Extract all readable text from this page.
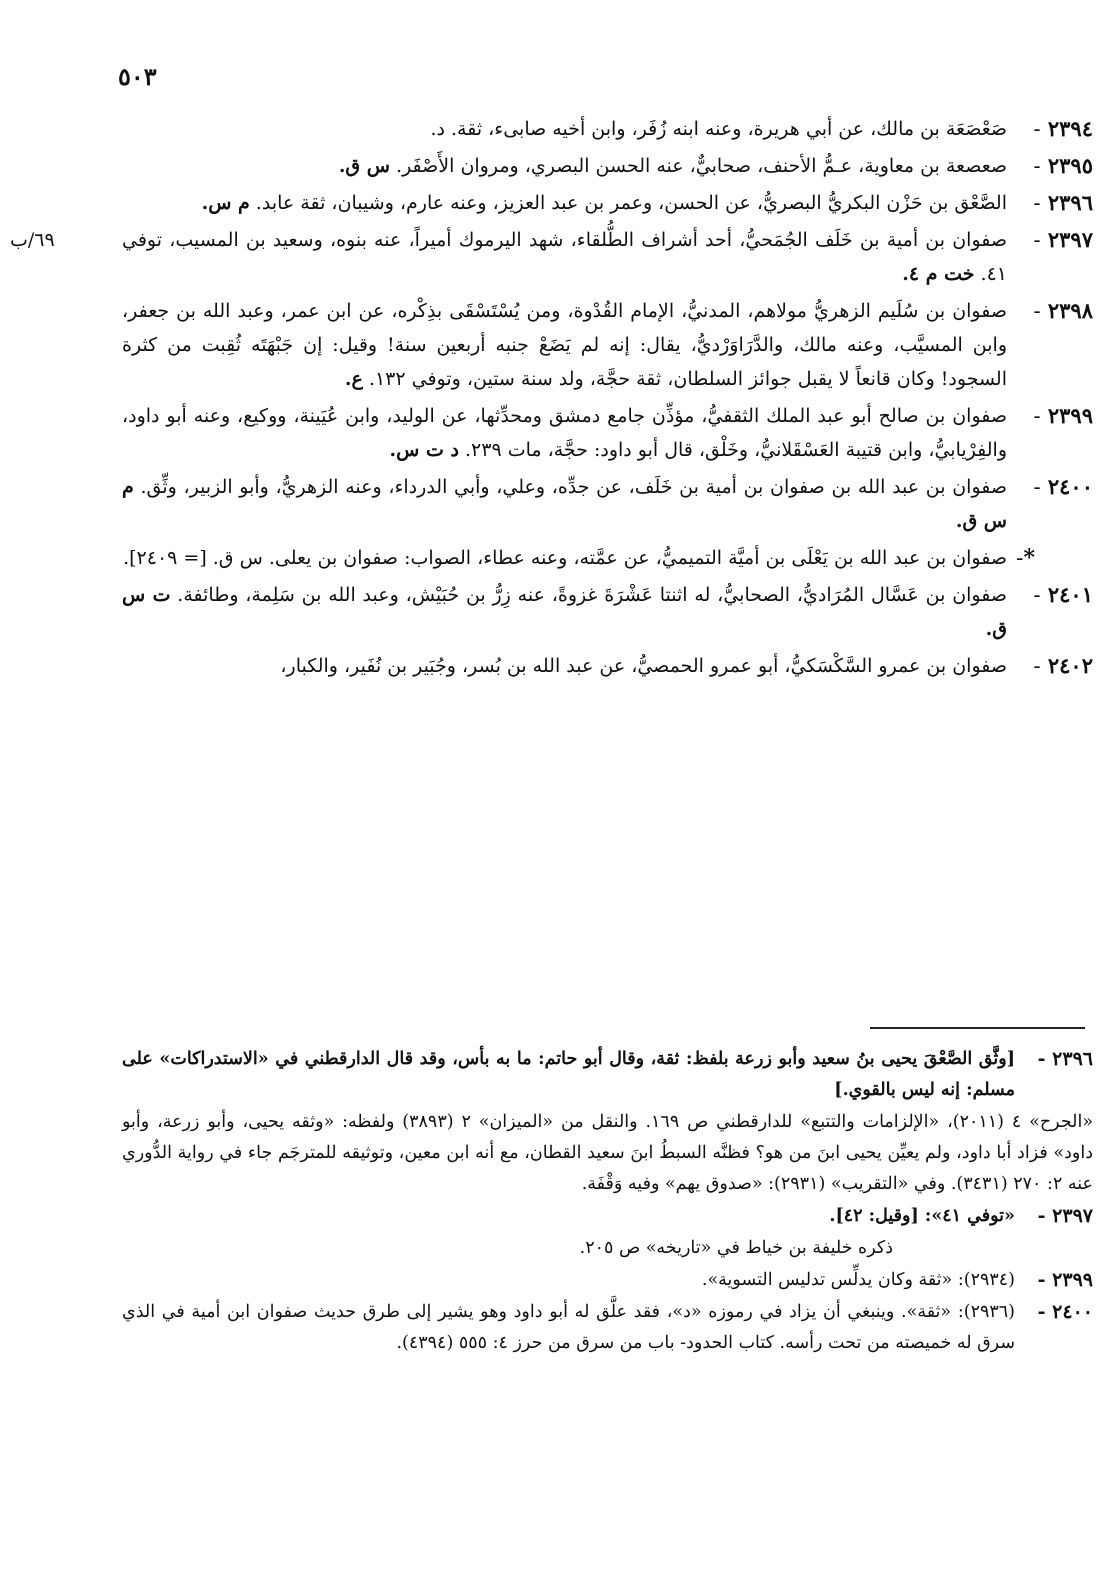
٥٠٣
٢٣٩٤ -
صَعْصَعَة بن مالك، عن أبي هريرة، وعنه ابنه زُفَر، وابن أخيه صابىء، ثقة. د.
٢٣٩٥ -
صعصعة بن معاوية، عـمُّ الأحنف، صحابيٌّ، عنه الحسن البصري، ومروان الأَصْفَر. س ق.
٢٣٩٦ -
الصَّعْق بن حَزْن البكريُّ البصريُّ، عن الحسن، وعمر بن عبد العزيز، وعنه عارم، وشيبان، ثقة عابد. م س.
٢٣٩٧ -
صفوان بن أمية بن خَلَف الجُمَحيُّ، أحد أشراف الطُّلقاء، شهد اليرموك أميراً، عنه بنوه، وسعيد بن المسيب، توفي ٤١. خت م ٤.
٦٩/ب
٢٣٩٨ -
صفوان بن سُلَيم الزهريُّ مولاهم، المدنيُّ، الإمام القُدْوة، ومن يُسْتَسْقَى بذِكْره، عن ابن عمر، وعبد الله بن جعفر، وابن المسيَّب، وعنه مالك، والدَّرَاوَرْديُّ، يقال: إنه لم يَضَعْ جنبه أربعين سنة! وقيل: إن جَبْهَتَه ثُقِبت من كثرة السجود! وكان قانعاً لا يقبل جوائز السلطان، ثقة حجَّة، ولد سنة ستين، وتوفي ١٣٢. ع.
٢٣٩٩ -
صفوان بن صالح أبو عبد الملك الثقفيُّ، مؤذِّن جامع دمشق ومحدِّثها، عن الوليد، وابن عُيَينة، ووكيع، وعنه أبو داود، والفِرْيابيُّ، وابن قتيبة العَسْقَلانيُّ، وخَلْق، قال أبو داود: حجَّة، مات ٢٣٩. د ت س.
٢٤٠٠ -
صفوان بن عبد الله بن صفوان بن أمية بن خَلَف، عن جدِّه، وعلي، وأبي الدرداء، وعنه الزهريُّ، وأبو الزبير، وثِّق. م س ق.
*-
صفوان بن عبد الله بن يَعْلَى بن أميَّة التميميُّ، عن عمَّته، وعنه عطاء، الصواب: صفوان بن يعلى. س ق. [= ٢٤٠٩].
٢٤٠١ -
صفوان بن عَسَّال المُرَاديُّ، الصحابيُّ، له اثنتا عَشْرَةَ غزوةً، عنه زِرُّ بن حُبَيْش، وعبد الله بن سَلِمة، وطائفة. ت س ق.
٢٤٠٢ -
صفوان بن عمرو السَّكْسَكيُّ، أبو عمرو الحمصيُّ، عن عبد الله بن بُسر، وجُبَير بن نُفَير، والكبار،
٢٣٩٦ -
[وثَّق الصَّعْقَ يحيى بنُ سعيد وأبو زرعة بلفظ: ثقة، وقال أبو حاتم: ما به بأس، وقد قال الدارقطني في «الاستدراكات» على مسلم: إنه ليس بالقوي.]
«الجرح» ٤ (٢٠١١)، «الإلزامات والتتبع» للدارقطني ص ١٦٩. والنقل من «الميزان» ٢ (٣٨٩٣) ولفظه: «وثقه يحيى، وأبو زرعة، وأبو داود» فزاد أبا داود، ولم يعيِّن يحيى ابنَ من هو؟ فظنَّه السبطُ ابنَ سعيد القطان، مع أنه ابن معين، وتوثيقه للمترجَم جاء في رواية الدُّوري عنه ٢: ٢٧٠ (٣٤٣١). وفي «التقريب» (٢٩٣١): «صدوق يهم» وفيه وَقْفَة.
٢٣٩٧ -
«توفي ٤١»: [وقيل: ٤٢].
ذكره خليفة بن خياط في «تاريخه» ص ٢٠٥.
٢٣٩٩ -
(٢٩٣٤): «ثقة وكان يدلِّس تدليس التسوية».
٢٤٠٠ -
(٢٩٣٦): «ثقة». وينبغي أن يزاد في رموزه «د»، فقد علَّق له أبو داود وهو يشير إلى طرق حديث صفوان ابن أمية في الذي سرق له خميصته من تحت رأسه. كتاب الحدود- باب من سرق من حرز ٤: ٥٥٥ (٤٣٩٤).
